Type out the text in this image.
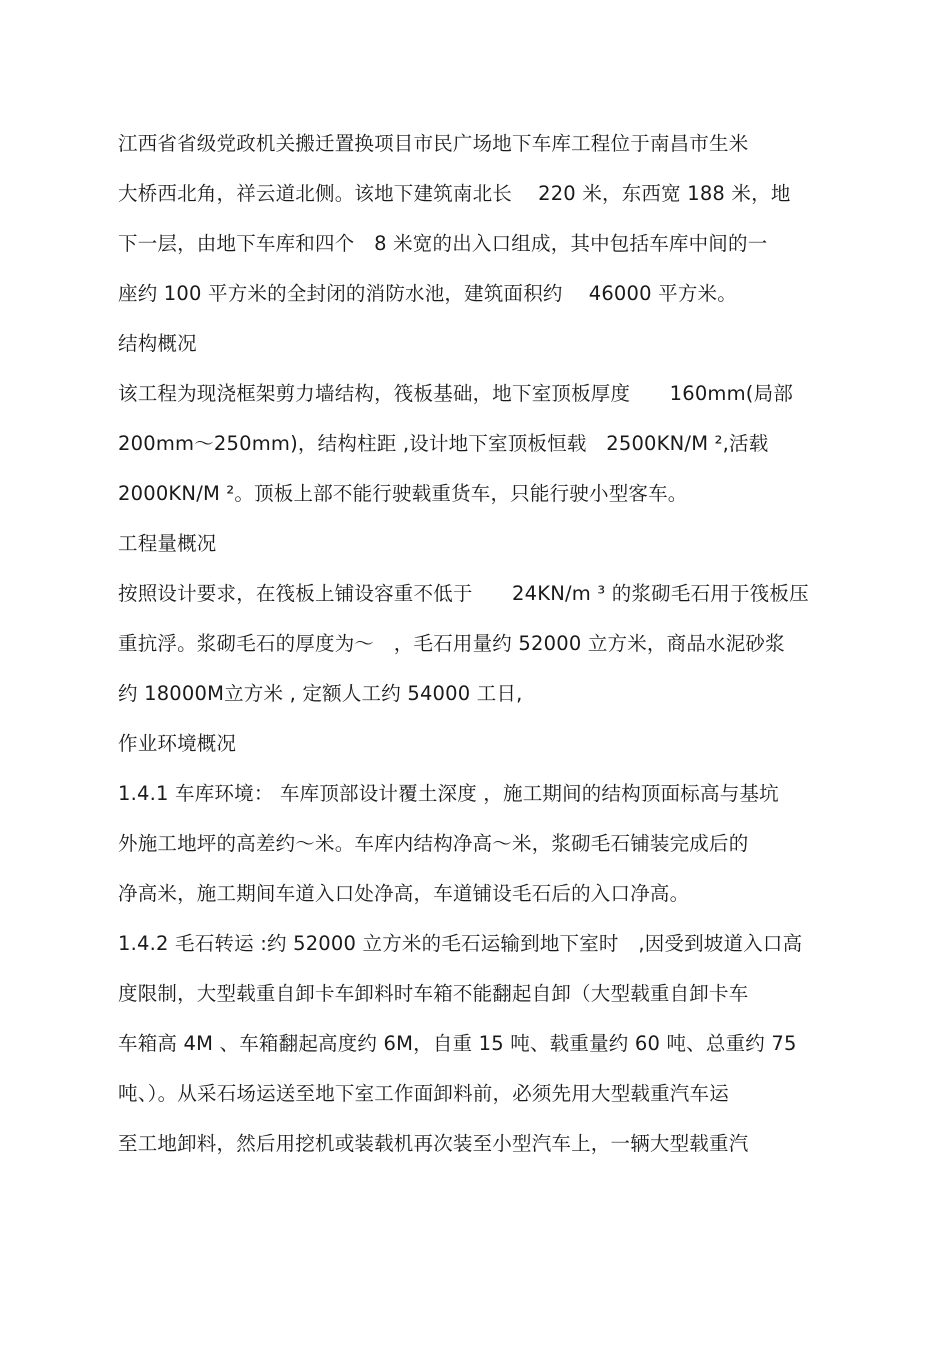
江西省省级党政机关搬迁置换项目市民广场地下车库工程位于南昌市生米
大桥西北角，祥云道北侧。该地下建筑南北长　 220 米，东西宽 188 米，地
下一层，由地下车库和四个　8 米宽的出入口组成，其中包括车库中间的一
座约 100 平方米的全封闭的消防水池，建筑面积约　 46000 平方米。
结构概况
该工程为现浇框架剪力墙结构，筏板基础，地下室顶板厚度　　160mm(局部
200mm～250mm)，结构柱距 ,设计地下室顶板恒载　2500KN/M ²,活载
2000KN/M ²。顶板上部不能行驶载重货车，只能行驶小型客车。
工程量概况
按照设计要求，在筏板上铺设容重不低于　　24KN/m ³ 的浆砌毛石用于筏板压
重抗浮。浆砌毛石的厚度为～　，毛石用量约 52000 立方米，商品水泥砂浆
约 18000M立方米 , 定额人工约 54000 工日,
作业环境概况
1.4.1 车库环境： 车库顶部设计覆土深度 ，施工期间的结构顶面标高与基坑
外施工地坪的高差约～米。车库内结构净高～米，浆砌毛石铺装完成后的
净高米，施工期间车道入口处净高，车道铺设毛石后的入口净高。
1.4.2 毛石转运 :约 52000 立方米的毛石运输到地下室时　,因受到坡道入口高
度限制，大型载重自卸卡车卸料时车箱不能翻起自卸（大型载重自卸卡车
车箱高 4M 、车箱翻起高度约 6M，自重 15 吨、载重量约 60 吨、总重约 75
吨、）。从采石场运送至地下室工作面卸料前，必须先用大型载重汽车运
至工地卸料，然后用挖机或装载机再次装至小型汽车上，一辆大型载重汽
